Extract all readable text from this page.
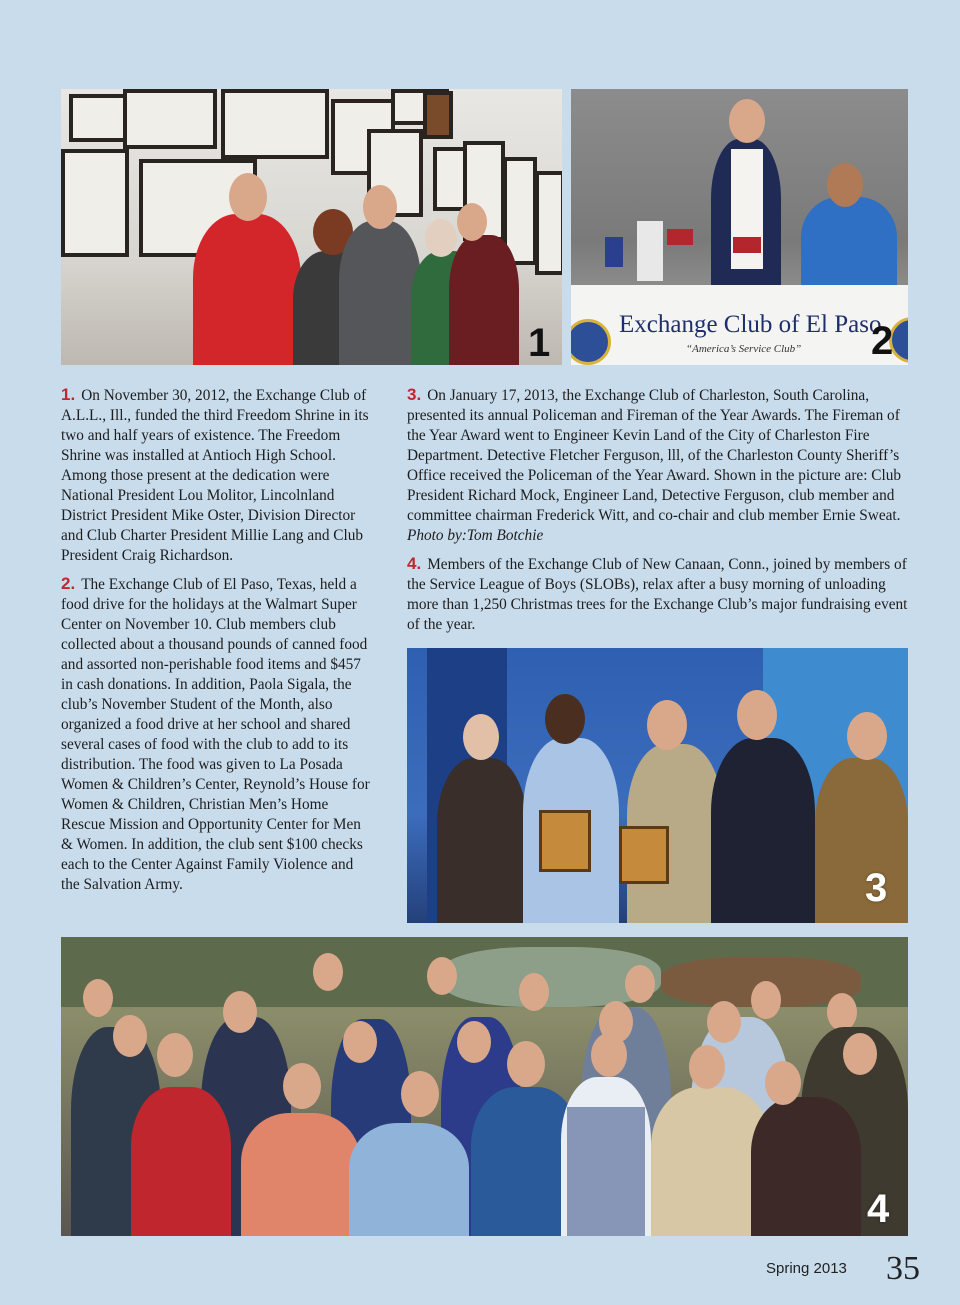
1	Exchange Club of El Paso
“America’s Service Club” 2
3
4

1. On November 30, 2012, the Exchange Club of A.L.L., Ill., funded the third Freedom Shrine in its two and half years of existence. The Freedom Shrine was installed at Antioch High School. Among those present at the dedication were National President Lou Molitor, Lincolnland District President Mike Oster, Division Director and Club Charter President Millie Lang and Club President Craig Richardson.

2. The Exchange Club of El Paso, Texas, held a food drive for the holidays at the Walmart Super Center on November 10. Club members club collected about a thousand pounds of canned food and assorted non-perishable food items and $457 in cash donations. In addition, Paola Sigala, the club’s November Student of the Month, also organized a food drive at her school and shared several cases of food with the club to add to its distribution. The food was given to La Posada Women & Children’s Center, Reynold’s House for Women & Children, Christian Men’s Home Rescue Mission and Opportunity Center for Men & Women. In addition, the club sent $100 checks each to the Center Against Family Violence and the Salvation Army.

3. On January 17, 2013, the Exchange Club of Charleston, South Carolina, presented its annual Policeman and Fireman of the Year Awards. The Fireman of the Year Award went to Engineer Kevin Land of the City of Charleston Fire Department. Detective Fletcher Ferguson, lll, of the Charleston County Sheriff’s Office received the Policeman of the Year Award. Shown in the picture are: Club President Richard Mock, Engineer Land, Detective Ferguson, club member and committee chairman Frederick Witt, and co-chair and club member Ernie Sweat. Photo by:Tom Botchie

4. Members of the Exchange Club of New Canaan, Conn., joined by members of the Service League of Boys (SLOBs), relax after a busy morning of unloading more than 1,250 Christmas trees for the Exchange Club’s major fundraising event of the year.

Spring 2013 35
